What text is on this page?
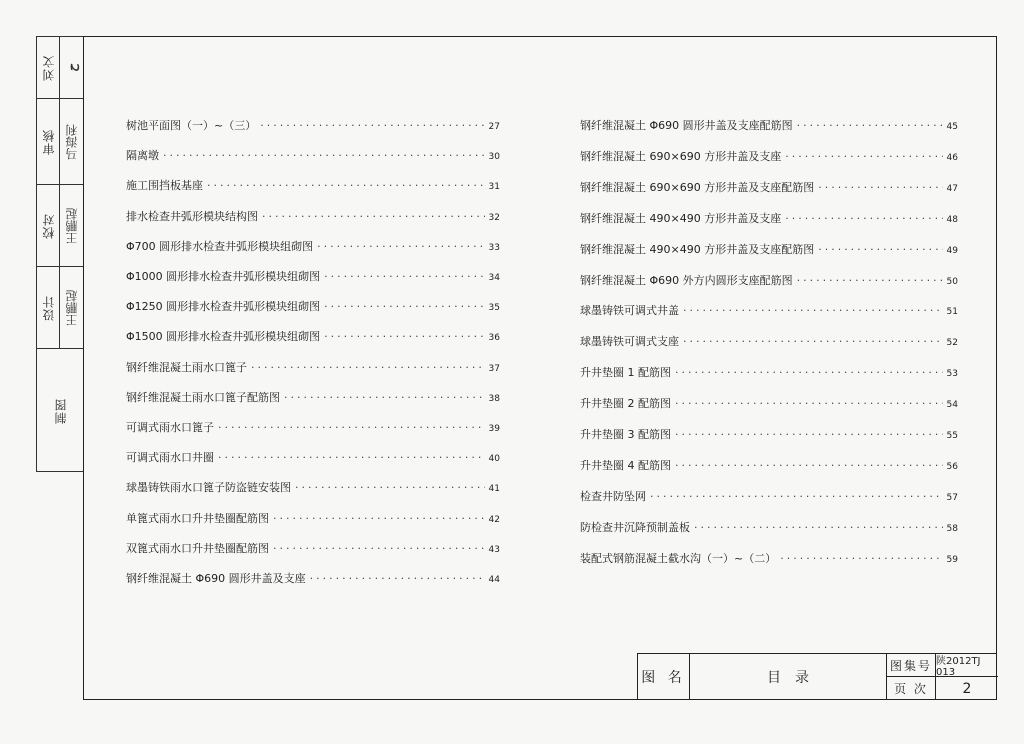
刘文 ح
审核 马海利
校对 王鹏起
设计 王鹏起
制图
树池平面图（一）~（三） ·····	27
隔离墩 ·····	30
施工围挡板基座 ·····	31
排水检查井弧形模块结构图 ·····	32
Φ700 圆形排水检查井弧形模块组砌图 ·····	33
Φ1000 圆形排水检查井弧形模块组砌图 ·····	34
Φ1250 圆形排水检查井弧形模块组砌图 ·····	35
Φ1500 圆形排水检查井弧形模块组砌图 ·····	36
钢纤维混凝土雨水口篦子 ·····	37
钢纤维混凝土雨水口篦子配筋图 ·····	38
可调式雨水口篦子 ·····	39
可调式雨水口井圈 ·····	40
球墨铸铁雨水口篦子防盗链安装图 ·····	41
单篦式雨水口升井垫圈配筋图 ·····	42
双篦式雨水口升井垫圈配筋图 ·····	43
钢纤维混凝土 Φ690 圆形井盖及支座 ·····	44
钢纤维混凝土 Φ690 圆形井盖及支座配筋图 ·····	45
钢纤维混凝土 690×690 方形井盖及支座 ·····	46
钢纤维混凝土 690×690 方形井盖及支座配筋图 ·····	47
钢纤维混凝土 490×490 方形井盖及支座 ·····	48
钢纤维混凝土 490×490 方形井盖及支座配筋图 ·····	49
钢纤维混凝土 Φ690 外方内圆形支座配筋图 ·····	50
球墨铸铁可调式井盖 ·····	51
球墨铸铁可调式支座 ·····	52
升井垫圈 1 配筋图 ·····	53
升井垫圈 2 配筋图 ·····	54
升井垫圈 3 配筋图 ·····	55
升井垫圈 4 配筋图 ·····	56
检查井防坠网 ·····	57
防检查井沉降预制盖板 ·····	58
装配式钢筋混凝土截水沟（一）~（二） ·····	59
图 名	目　录
图集号 陕2012TJ 013
页 次	2
